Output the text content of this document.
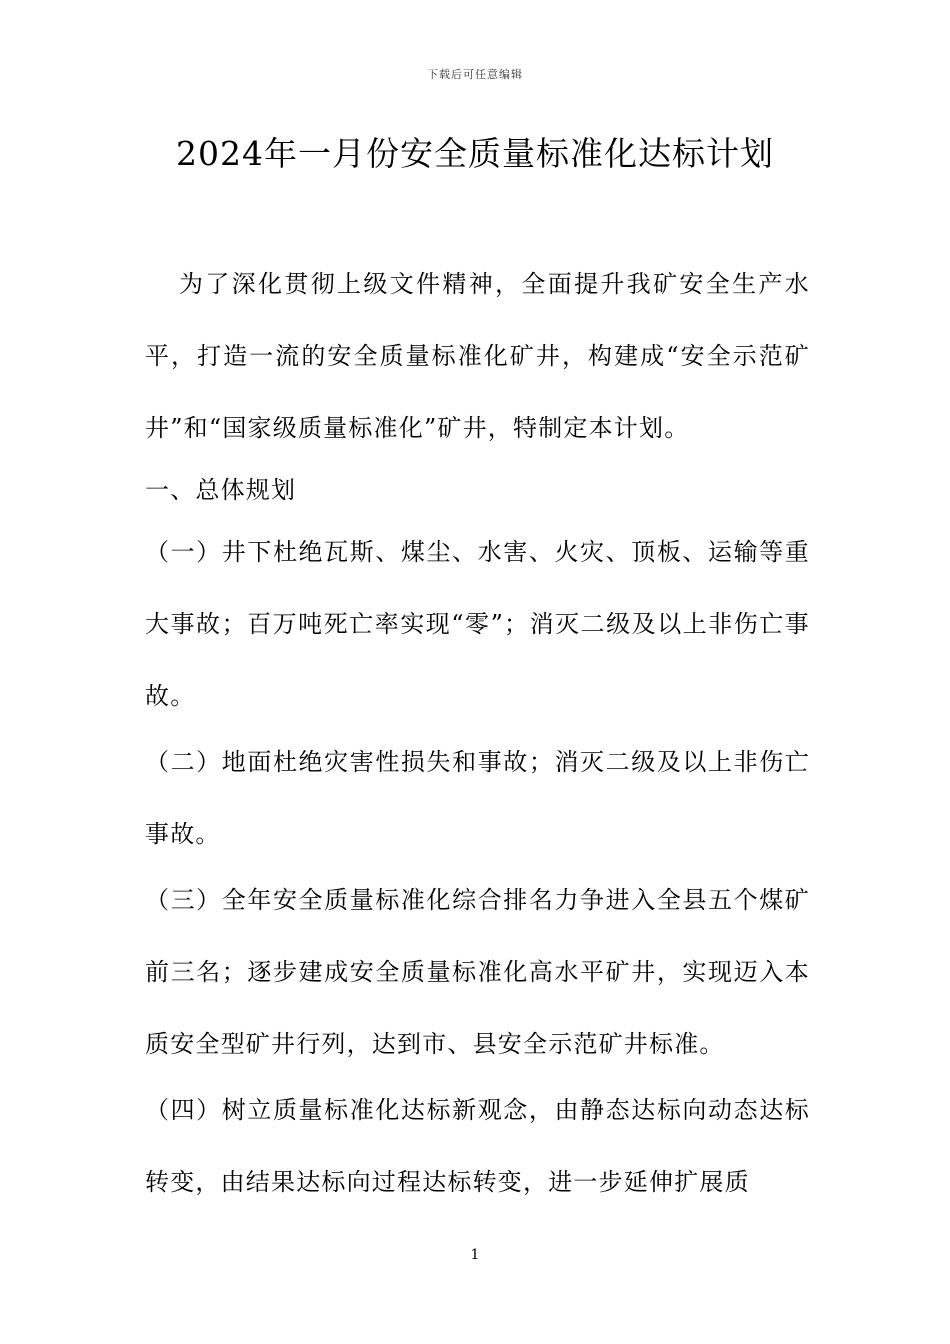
下载后可任意编辑
2024年一月份安全质量标准化达标计划

为了深化贯彻上级文件精神，全面提升我矿安全生产水平，打造一流的安全质量标准化矿井，构建成“安全示范矿井”和“国家级质量标准化”矿井，特制定本计划。

一、总体规划

（一）井下杜绝瓦斯、煤尘、水害、火灾、顶板、运输等重大事故；百万吨死亡率实现“零”；消灭二级及以上非伤亡事故。

（二）地面杜绝灾害性损失和事故；消灭二级及以上非伤亡事故。

（三）全年安全质量标准化综合排名力争进入全县五个煤矿前三名；逐步建成安全质量标准化高水平矿井，实现迈入本质安全型矿井行列，达到市、县安全示范矿井标准。

（四）树立质量标准化达标新观念，由静态达标向动态达标转变，由结果达标向过程达标转变，进一步延伸扩展质

1
